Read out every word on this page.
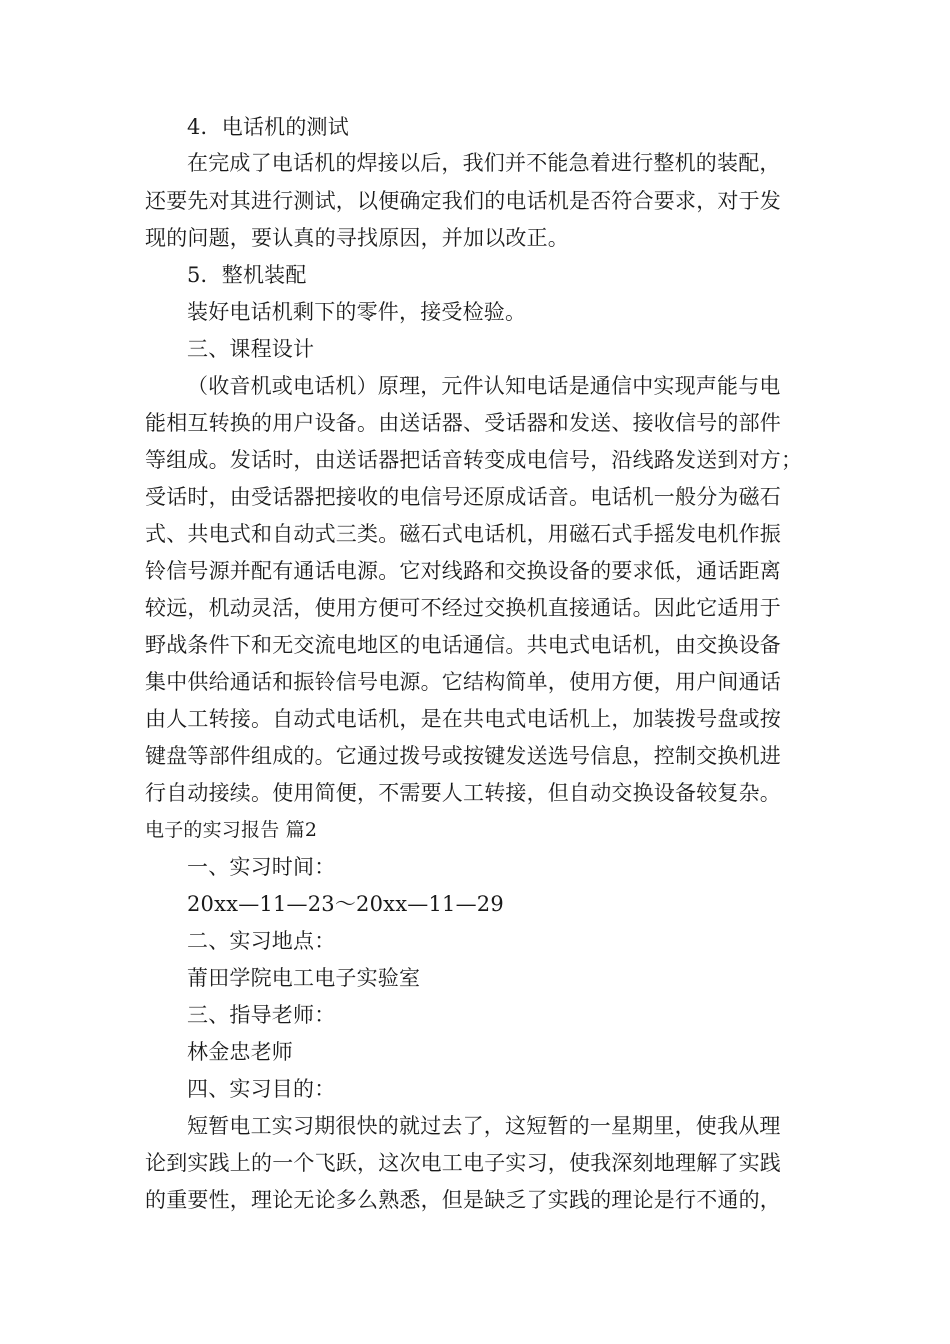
4．电话机的测试
在完成了电话机的焊接以后，我们并不能急着进行整机的装配，
还要先对其进行测试，以便确定我们的电话机是否符合要求，对于发
现的问题，要认真的寻找原因，并加以改正。
5．整机装配
装好电话机剩下的零件，接受检验。
三、课程设计
（收音机或电话机）原理，元件认知电话是通信中实现声能与电
能相互转换的用户设备。由送话器、受话器和发送、接收信号的部件
等组成。发话时，由送话器把话音转变成电信号，沿线路发送到对方；
受话时，由受话器把接收的电信号还原成话音。电话机一般分为磁石
式、共电式和自动式三类。磁石式电话机，用磁石式手摇发电机作振
铃信号源并配有通话电源。它对线路和交换设备的要求低，通话距离
较远，机动灵活，使用方便可不经过交换机直接通话。因此它适用于
野战条件下和无交流电地区的电话通信。共电式电话机，由交换设备
集中供给通话和振铃信号电源。它结构简单，使用方便，用户间通话
由人工转接。自动式电话机，是在共电式电话机上，加装拨号盘或按
键盘等部件组成的。它通过拨号或按键发送选号信息，控制交换机进
行自动接续。使用简便，不需要人工转接，但自动交换设备较复杂。
电子的实习报告 篇2
一、实习时间：
20xx—11—23～20xx—11—29
二、实习地点：
莆田学院电工电子实验室
三、指导老师：
林金忠老师
四、实习目的：
短暂电工实习期很快的就过去了，这短暂的一星期里，使我从理
论到实践上的一个飞跃，这次电工电子实习，使我深刻地理解了实践
的重要性，理论无论多么熟悉，但是缺乏了实践的理论是行不通的，
